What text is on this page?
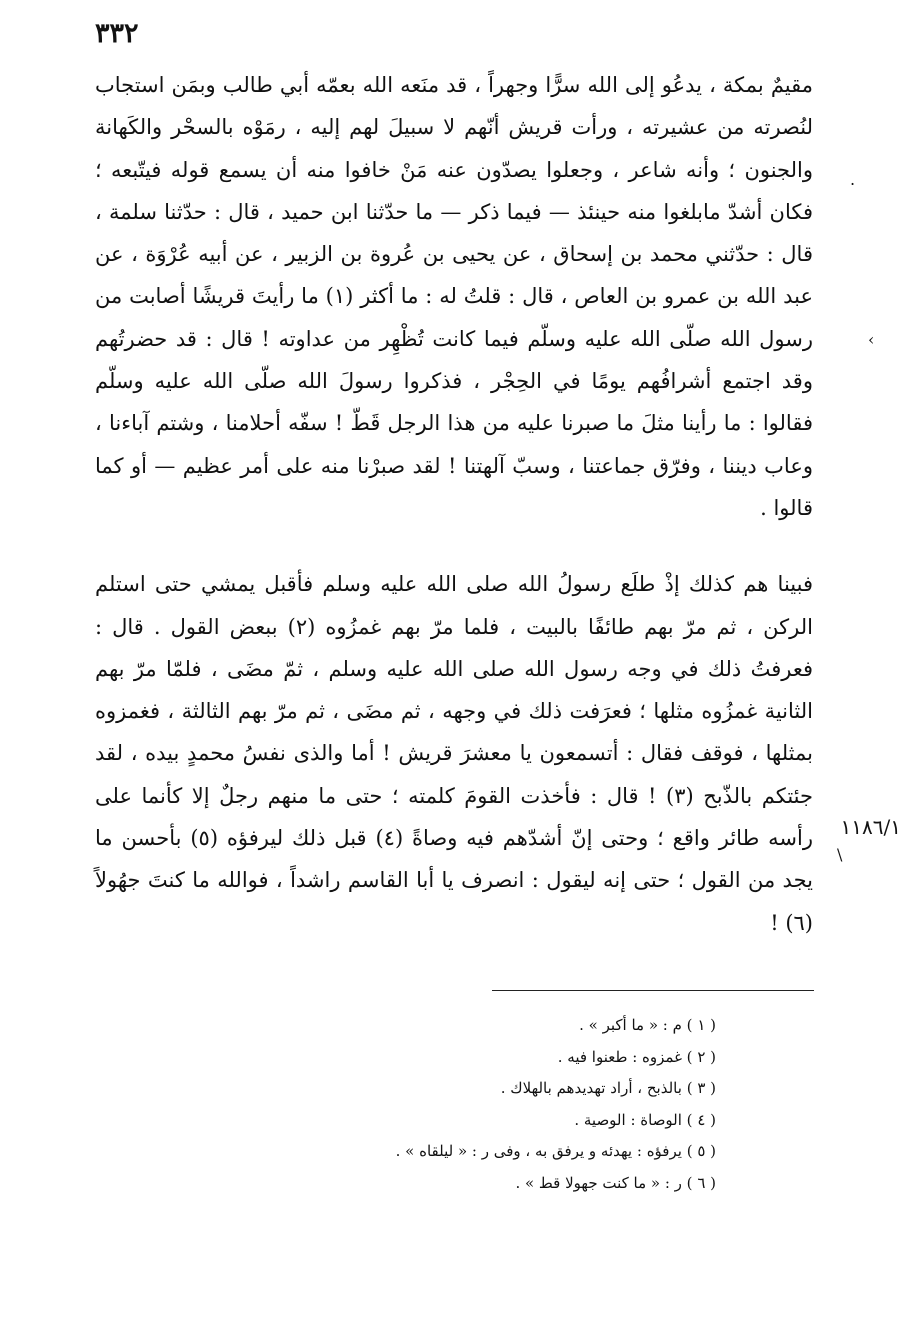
٣٣٢

مقيمٌ بمكة ، يدعُو إلى الله سرًّا وجهراً ، قد منَعه الله بعمّه أبي طالب وبمَن استجاب لنُصرته من عشيرته ، ورأت قريش أنّهم لا سبيلَ لهم إليه ، رمَوْه بالسحْر والكَهانة والجنون ؛ وأنه شاعر ، وجعلوا يصدّون عنه مَنْ خافوا منه أن يسمع قوله فيتّبعه ؛ فكان أشدّ مابلغوا منه حينئذ — فيما ذكر — ما حدّثنا ابن حميد ، قال : حدّثنا سلمة ، قال : حدّثني محمد بن إسحاق ، عن يحيى بن عُروة بن الزبير ، عن أبيه عُرْوَة ، عن عبد الله بن عمرو بن العاص ، قال : قلتُ له : ما أكثر (١) ما رأيتَ قريشًا أصابت من رسول الله صلّى الله عليه وسلّم فيما كانت تُظْهِر من عداوته ! قال : قد حضرتُهم وقد اجتمع أشرافُهم يومًا في الحِجْر ، فذكروا رسولَ الله صلّى الله عليه وسلّم فقالوا : ما رأينا مثلَ ما صبرنا عليه من هذا الرجل قَطّ ! سفّه أحلامنا ، وشتم آباءنا ، وعاب ديننا ، وفرّق جماعتنا ، وسبّ آلهتنا ! لقد صبرْنا منه على أمر عظيم — أو كما قالوا .

فبينا هم كذلك إذْ طلَع رسولُ الله صلى الله عليه وسلم فأقبل يمشي حتى استلم الركن ، ثم مرّ بهم طائفًا بالبيت ، فلما مرّ بهم غمزُوه (٢) ببعض القول . قال : فعرفتُ ذلك في وجه رسول الله صلى الله عليه وسلم ، ثمّ مضَى ، فلمّا مرّ بهم الثانية غمزُوه مثلها ؛ فعرَفت ذلك في وجهه ، ثم مضَى ، ثم مرّ بهم الثالثة ، فغمزوه بمثلها ، فوقف فقال : أتسمعون يا معشرَ قريش ! أما والذى نفسُ محمدٍ بيده ، لقد جئتكم بالذّبح (٣) ! قال : فأخذت القومَ كلمته ؛ حتى ما منهم رجلٌ إلا كأنما على رأسه طائر واقع ؛ وحتى إنّ أشدّهم فيه وصاةً (٤) قبل ذلك ليرفؤه (٥) بأحسن ما يجد من القول ؛ حتى إنه ليقول : انصرف يا أبا القاسم راشداً ، فوالله ما كنتَ جهُولاً (٦) !

١١٨٦/١
.
‹
\
( ١ ) م : « ما أكبر » .
( ٢ ) غمزوه : طعنوا فيه .
( ٣ ) بالذبح ، أراد تهديدهم بالهلاك .
( ٤ ) الوصاة : الوصية .
( ٥ ) يرفؤه : يهدئه و يرفق به ، وفى ر : « ليلقاه » .
( ٦ ) ر : « ما كنت جهولا قط » .
